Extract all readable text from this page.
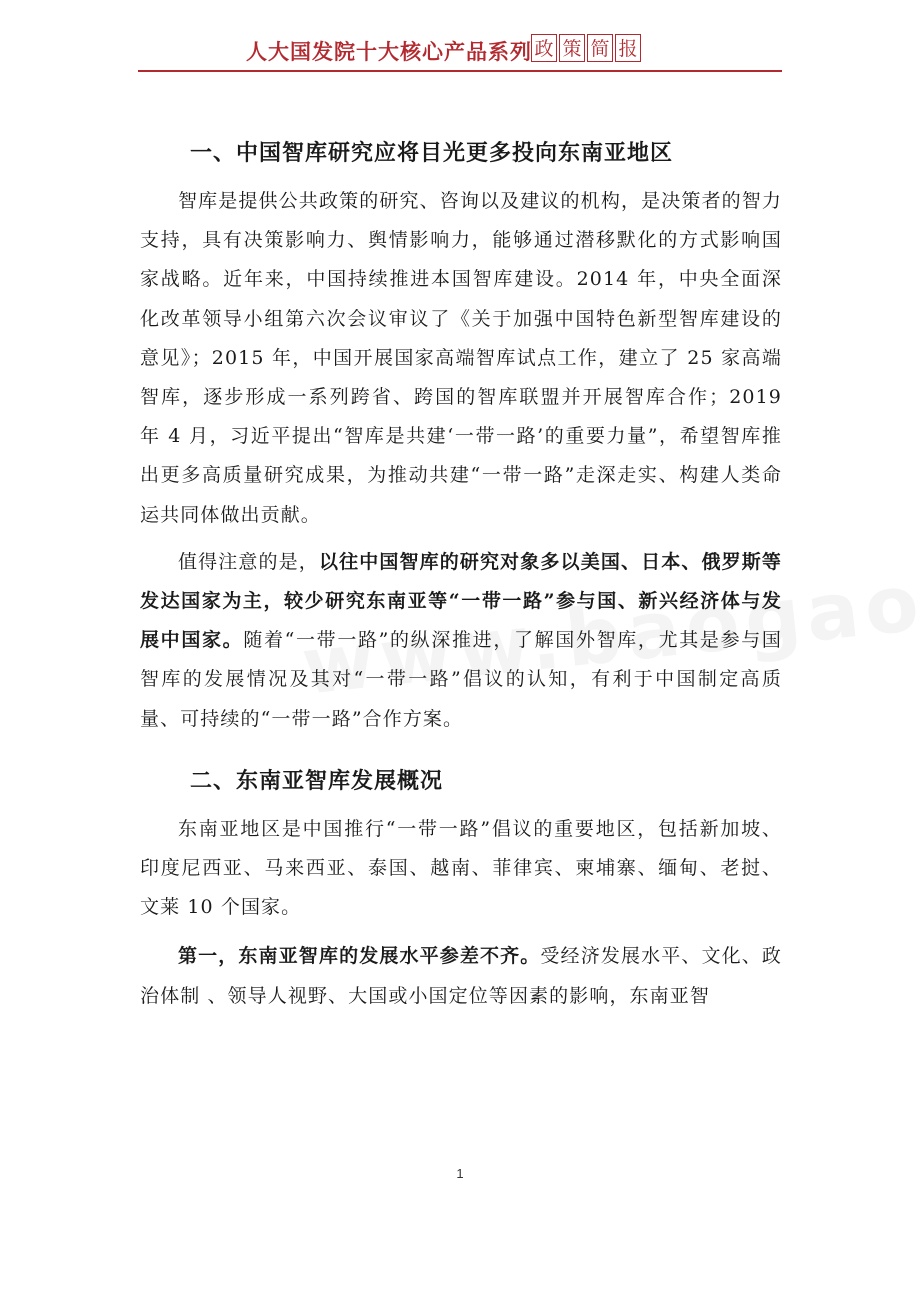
人大国发院十大核心产品系列 政 策 简 报
一、中国智库研究应将目光更多投向东南亚地区

智库是提供公共政策的研究、咨询以及建议的机构，是决策者的智力支持，具有决策影响力、舆情影响力，能够通过潜移默化的方式影响国家战略。近年来，中国持续推进本国智库建设。2014 年，中央全面深化改革领导小组第六次会议审议了《关于加强中国特色新型智库建设的意见》；2015 年，中国开展国家高端智库试点工作，建立了 25 家高端智库，逐步形成一系列跨省、跨国的智库联盟并开展智库合作；2019 年 4 月，习近平提出“智库是共建‘一带一路’的重要力量”，希望智库推出更多高质量研究成果，为推动共建“一带一路”走深走实、构建人类命运共同体做出贡献。

值得注意的是，以往中国智库的研究对象多以美国、日本、俄罗斯等发达国家为主，较少研究东南亚等“一带一路”参与国、新兴经济体与发展中国家。随着“一带一路”的纵深推进，了解国外智库，尤其是参与国智库的发展情况及其对“一带一路”倡议的认知，有利于中国制定高质量、可持续的“一带一路”合作方案。

二、东南亚智库发展概况

东南亚地区是中国推行“一带一路”倡议的重要地区，包括新加坡、印度尼西亚、马来西亚、泰国、越南、菲律宾、柬埔寨、缅甸、老挝、文莱 10 个国家。

第一，东南亚智库的发展水平参差不齐。受经济发展水平、文化、政治体制 、领导人视野、大国或小国定位等因素的影响，东南亚智

1
